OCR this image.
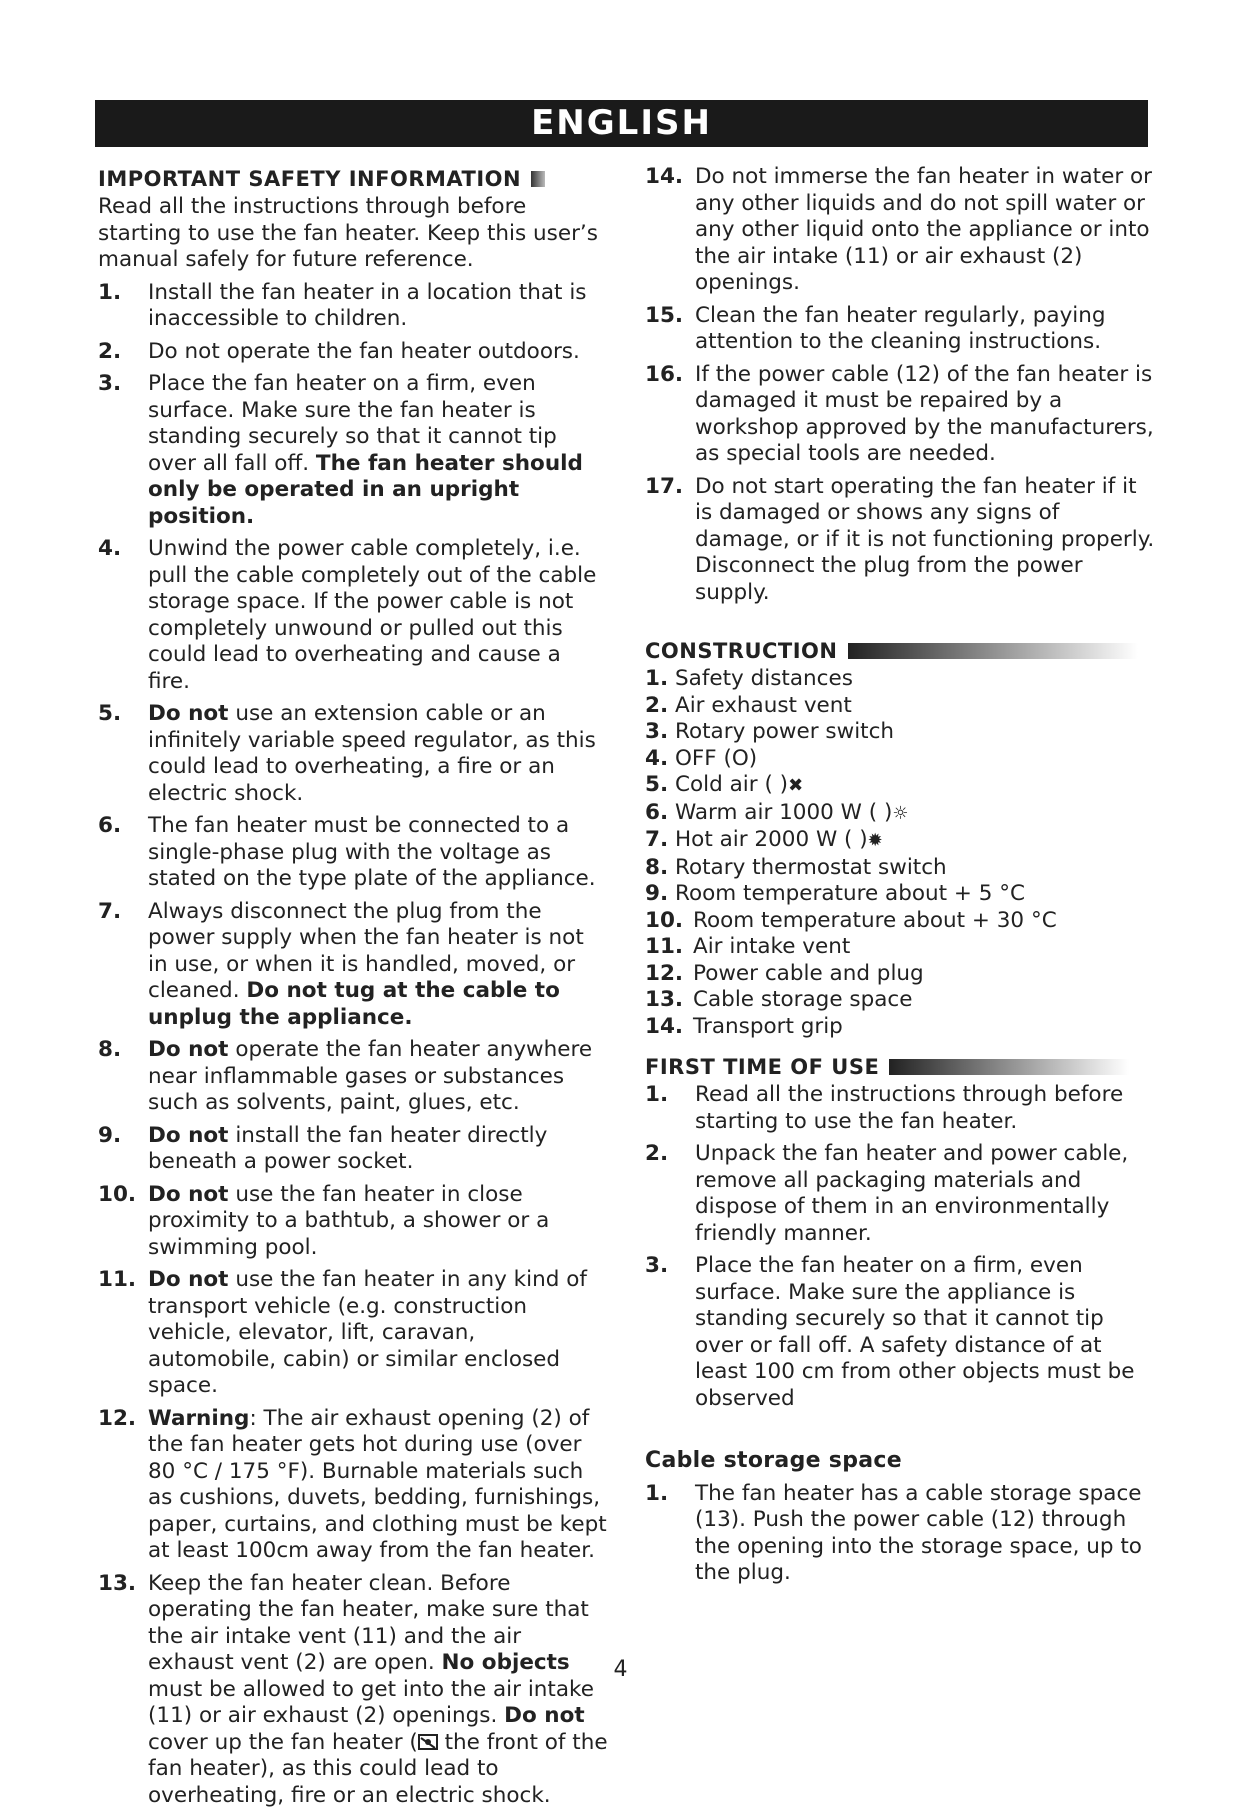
ENGLISH
IMPORTANT SAFETY INFORMATION

Read all the instructions through before starting to use the fan heater. Keep this user’s manual safely for future reference.

1. Install the fan heater in a location that is inaccessible to children.
2. Do not operate the fan heater outdoors.
3. Place the fan heater on a firm, even surface. Make sure the fan heater is standing securely so that it cannot tip over all fall off. The fan heater should only be operated in an upright position.
4. Unwind the power cable completely, i.e. pull the cable completely out of the cable storage space. If the power cable is not completely unwound or pulled out this could lead to overheating and cause a fire.
5. Do not use an extension cable or an infinitely variable speed regulator, as this could lead to overheating, a fire or an electric shock.
6. The fan heater must be connected to a single-phase plug with the voltage as stated on the type plate of the appliance.
7. Always disconnect the plug from the power supply when the fan heater is not in use, or when it is handled, moved, or cleaned. Do not tug at the cable to unplug the appliance.
8. Do not operate the fan heater anywhere near inflammable gases or substances such as solvents, paint, glues, etc.
9. Do not install the fan heater directly beneath a power socket.
10. Do not use the fan heater in close proximity to a bathtub, a shower or a swimming pool.
11. Do not use the fan heater in any kind of transport vehicle (e.g. construction vehicle, elevator, lift, caravan, automobile, cabin) or similar enclosed space.
12. Warning: The air exhaust opening (2) of the fan heater gets hot during use (over 80 °C / 175 °F). Burnable materials such as cushions, duvets, bedding, furnishings, paper, curtains, and clothing must be kept at least 100cm away from the fan heater.
13. Keep the fan heater clean. Before operating the fan heater, make sure that the air intake vent (11) and the air exhaust vent (2) are open. No objects must be allowed to get into the air intake (11) or air exhaust (2) openings. Do not cover up the fan heater ( the front of the fan heater), as this could lead to overheating, fire or an electric shock.
14. Do not immerse the fan heater in water or any other liquids and do not spill water or any other liquid onto the appliance or into the air intake (11) or air exhaust (2) openings.
15. Clean the fan heater regularly, paying attention to the cleaning instructions.
16. If the power cable (12) of the fan heater is damaged it must be repaired by a workshop approved by the manufacturers, as special tools are needed.
17. Do not start operating the fan heater if it is damaged or shows any signs of damage, or if it is not functioning properly. Disconnect the plug from the power supply.
CONSTRUCTION
1. Safety distances
2. Air exhaust vent
3. Rotary power switch
4. OFF (O)
5. Cold air ( )✖
6. Warm air 1000 W ( )☼
7. Hot air 2000 W ( )✹
8. Rotary thermostat switch
9. Room temperature about + 5 °C
10. Room temperature about + 30 °C
11. Air intake vent
12. Power cable and plug
13. Cable storage space
14. Transport grip
FIRST TIME OF USE
1. Read all the instructions through before starting to use the fan heater.
2. Unpack the fan heater and power cable, remove all packaging materials and dispose of them in an environmentally friendly manner.
3. Place the fan heater on a firm, even surface. Make sure the appliance is standing securely so that it cannot tip over or fall off. A safety distance of at least 100 cm from other objects must be observed
Cable storage space
1. The fan heater has a cable storage space (13). Push the power cable (12) through the opening into the storage space, up to the plug.
4
